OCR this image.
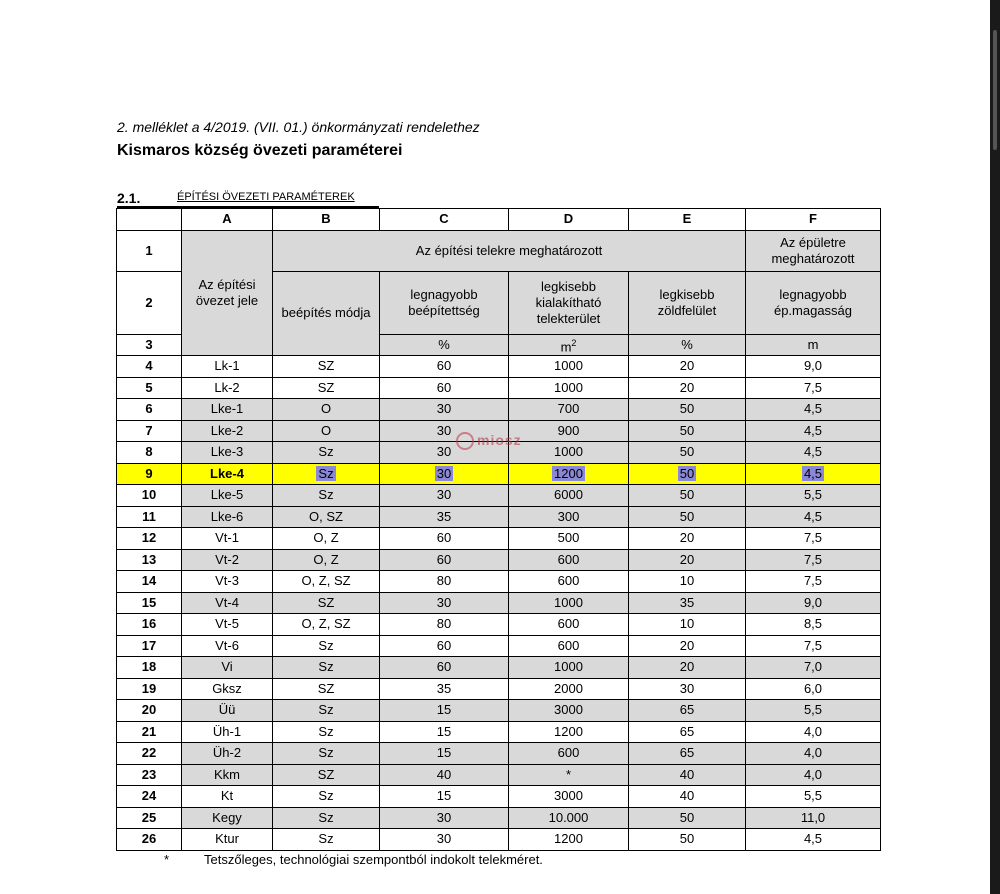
2. melléklet a 4/2019. (VII. 01.) önkormányzati rendelethez
Kismaros község övezeti paraméterei
2.1.	ÉPÍTÉSI ÖVEZETI PARAMÉTEREK
	A	B	C	D	E	F
1	Az építési övezet jele	Az építési telekre meghatározott				Az épületre meghatározott
2		beépítés módja	legnagyobb beépítettség	legkisebb kialakítható telekterület	legkisebb zöldfelület	legnagyobb ép.magasság
3			%	$m^2$	%	m
4	Lk-1	SZ	60	1000	20	9,0
5	Lk-2	SZ	60	1000	20	7,5
6	Lke-1	O	30	700	50	4,5
7	Lke-2	O	30	900	50	4,5
8	Lke-3	Sz	30	1000	50	4,5
9	Lke-4	Sz	30	1200	50	4,5
10	Lke-5	Sz	30	6000	50	5,5
11	Lke-6	O, SZ	35	300	50	4,5
12	Vt-1	O, Z	60	500	20	7,5
13	Vt-2	O, Z	60	600	20	7,5
14	Vt-3	O, Z, SZ	80	600	10	7,5
15	Vt-4	SZ	30	1000	35	9,0
16	Vt-5	O, Z, SZ	80	600	10	8,5
17	Vt-6	Sz	60	600	20	7,5
18	Vi	Sz	60	1000	20	7,0
19	Gksz	SZ	35	2000	30	6,0
20	Üü	Sz	15	3000	65	5,5
21	Üh-1	Sz	15	1200	65	4,0
22	Üh-2	Sz	15	600	65	4,0
23	Kkm	SZ	40	*	40	4,0
24	Kt	Sz	15	3000	40	5,5
25	Kegy	Sz	30	10.000	50	11,0
26	Ktur	Sz	30	1200	50	4,5
miosz
*	Tetszőleges, technológiai szempontból indokolt telekméret.
